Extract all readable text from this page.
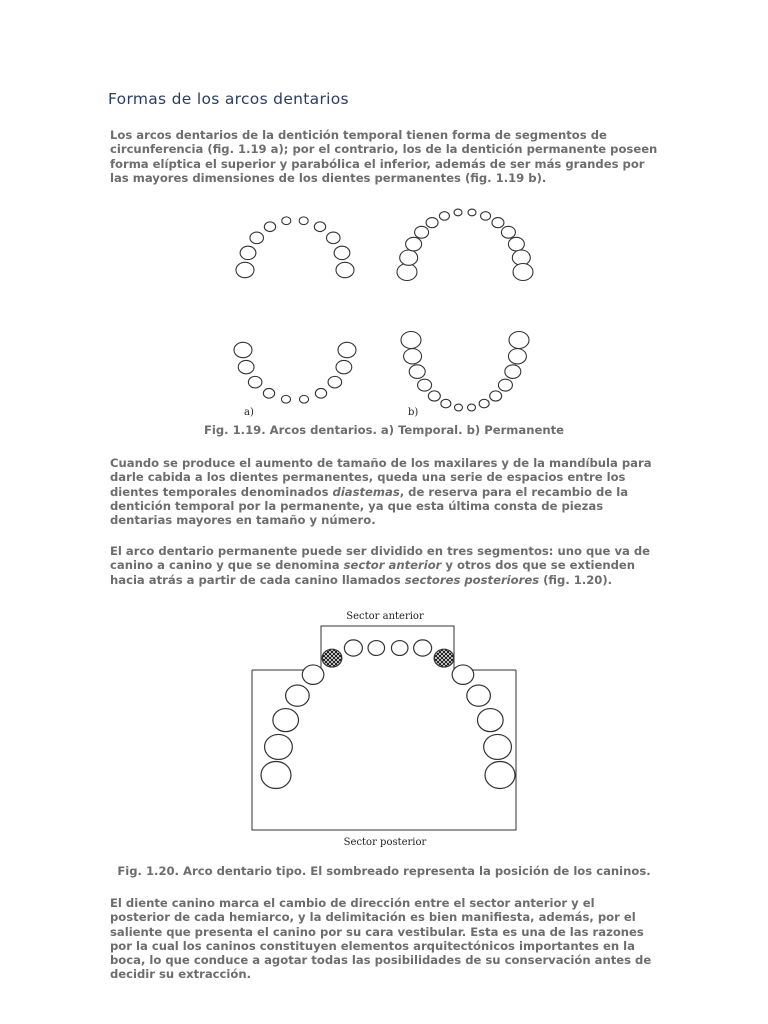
Formas de los arcos dentarios

Los arcos dentarios de la dentición temporal tienen forma de segmentos de circunferencia (fig. 1.19 a); por el contrario, los de la dentición permanente poseen forma elíptica el superior y parabólica el inferior, además de ser más grandes por las mayores dimensiones de los dientes permanentes (fig. 1.19 b).

a)	b)

Fig. 1.19. Arcos dentarios. a) Temporal. b) Permanente

Cuando se produce el aumento de tamaño de los maxilares y de la mandíbula para darle cabida a los dientes permanentes, queda una serie de espacios entre los dientes temporales denominados diastemas, de reserva para el recambio de la dentición temporal por la permanente, ya que esta última consta de piezas dentarias mayores en tamaño y número.

El arco dentario permanente puede ser dividido en tres segmentos: uno que va de canino a canino y que se denomina sector anterior y otros dos que se extienden hacia atrás a partir de cada canino llamados sectores posteriores (fig. 1.20).

Sector anterior
Sector posterior

Fig. 1.20. Arco dentario tipo. El sombreado representa la posición de los caninos.

El diente canino marca el cambio de dirección entre el sector anterior y el posterior de cada hemiarco, y la delimitación es bien manifiesta, además, por el saliente que presenta el canino por su cara vestibular. Esta es una de las razones por la cual los caninos constituyen elementos arquitectónicos importantes en la boca, lo que conduce a agotar todas las posibilidades de su conservación antes de decidir su extracción.
